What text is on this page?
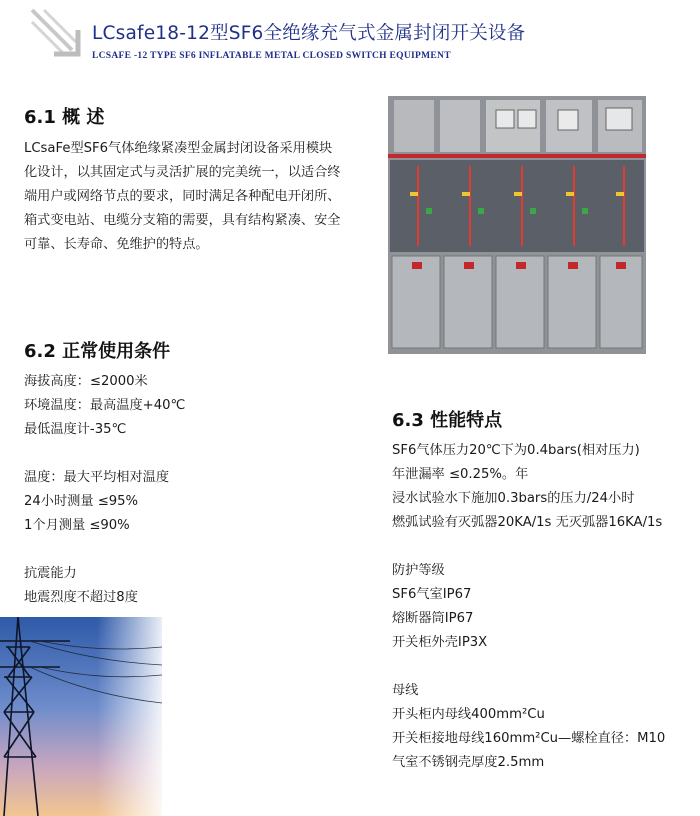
LCsafe18-12型SF6全绝缘充气式金属封闭开关设备
LCSAFE -12 TYPE SF6 INFLATABLE METAL CLOSED SWITCH EQUIPMENT
6.1 概 述
LCsaFe型SF6气体绝缘紧凑型金属封闭设备采用模块化设计，以其固定式与灵活扩展的完美统一，以适合终端用户或网络节点的要求，同时满足各种配电开闭所、箱式变电站、电缆分支箱的需要，具有结构紧凑、安全可靠、长寿命、免维护的特点。
6.2 正常使用条件
海拔高度：≤2000米
环境温度：最高温度+40℃
最低温度计-35℃
温度：最大平均相对温度
24小时测量 ≤95%
1个月测量 ≤90%
抗震能力
地震烈度不超过8度
6.3 性能特点
SF6气体压力20℃下为0.4bars(相对压力)
年泄漏率 ≤0.25%。年
浸水试验水下施加0.3bars的压力/24小时
燃弧试验有灭弧器20KA/1s 无灭弧器16KA/1s
防护等级
SF6气室IP67
熔断器筒IP67
开关柜外壳IP3X
母线
开头柜内母线400mm²Cu
开关柜接地母线160mm²Cu—螺栓直径：M10
气室不锈钢壳厚度2.5mm
